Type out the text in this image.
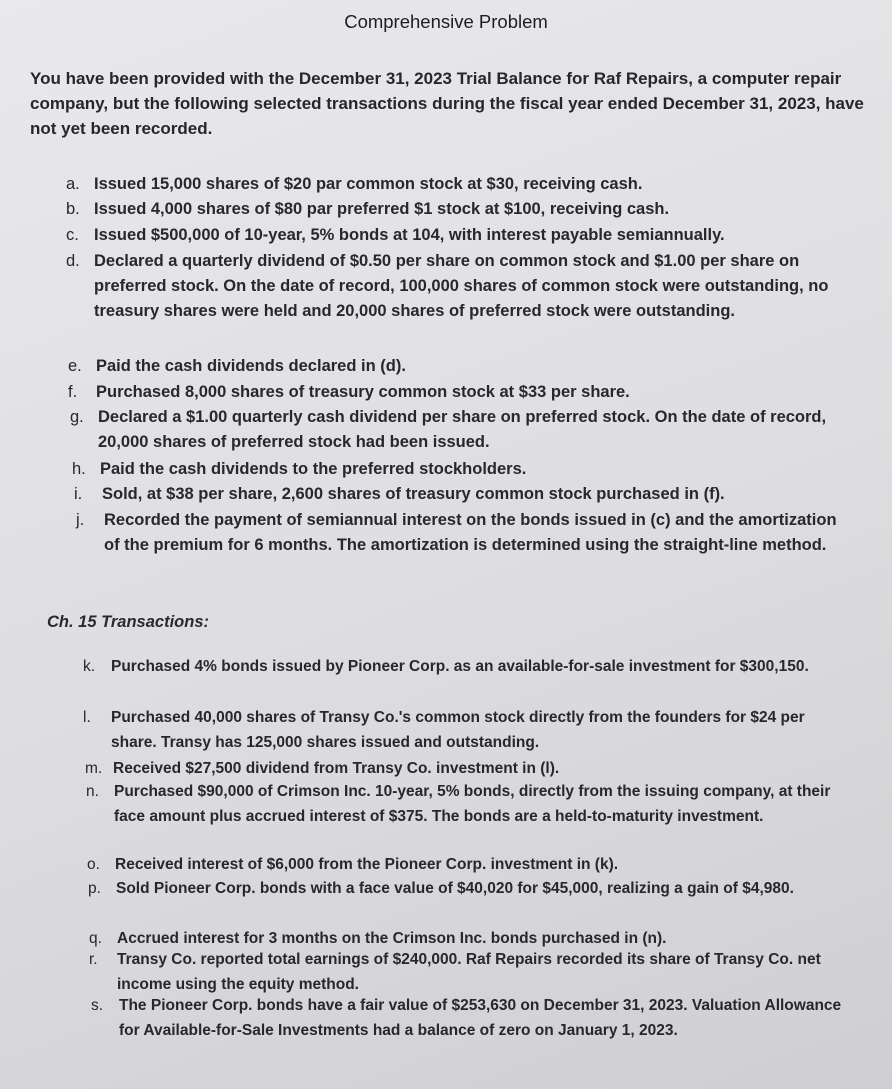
Comprehensive Problem
You have been provided with the December 31, 2023 Trial Balance for Raf Repairs, a computer repair company, but the following selected transactions during the fiscal year ended December 31, 2023, have not yet been recorded.
a. Issued 15,000 shares of $20 par common stock at $30, receiving cash.
b. Issued 4,000 shares of $80 par preferred $1 stock at $100, receiving cash.
c. Issued $500,000 of 10-year, 5% bonds at 104, with interest payable semiannually.
d. Declared a quarterly dividend of $0.50 per share on common stock and $1.00 per share on preferred stock. On the date of record, 100,000 shares of common stock were outstanding, no treasury shares were held and 20,000 shares of preferred stock were outstanding.
e. Paid the cash dividends declared in (d).
f.	Purchased 8,000 shares of treasury common stock at $33 per share.
g. Declared a $1.00 quarterly cash dividend per share on preferred stock. On the date of record, 20,000 shares of preferred stock had been issued.
h. Paid the cash dividends to the preferred stockholders.
i.	Sold, at $38 per share, 2,600 shares of treasury common stock purchased in (f).
j.	Recorded the payment of semiannual interest on the bonds issued in (c) and the amortization of the premium for 6 months. The amortization is determined using the straight-line method.
Ch. 15 Transactions:
k.	Purchased 4% bonds issued by Pioneer Corp. as an available-for-sale investment for $300,150.
l.	Purchased 40,000 shares of Transy Co.'s common stock directly from the founders for $24 per share. Transy has 125,000 shares issued and outstanding.
m. Received $27,500 dividend from Transy Co. investment in (l).
n. Purchased $90,000 of Crimson Inc. 10-year, 5% bonds, directly from the issuing company, at their face amount plus accrued interest of $375. The bonds are a held-to-maturity investment.
o. Received interest of $6,000 from the Pioneer Corp. investment in (k).
p. Sold Pioneer Corp. bonds with a face value of $40,020 for $45,000, realizing a gain of $4,980.
q. Accrued interest for 3 months on the Crimson Inc. bonds purchased in (n).
r.	Transy Co. reported total earnings of $240,000. Raf Repairs recorded its share of Transy Co. net income using the equity method.
s.	The Pioneer Corp. bonds have a fair value of $253,630 on December 31, 2023. Valuation Allowance for Available-for-Sale Investments had a balance of zero on January 1, 2023.
